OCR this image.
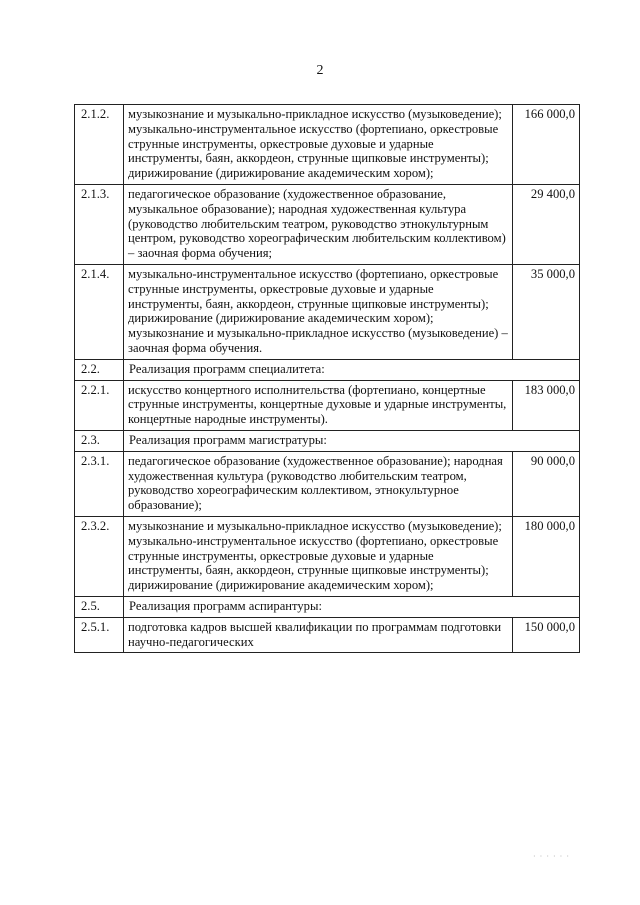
2
2.1.2.	музыкознание и музыкально-прикладное искусство (музыковедение); музыкально-инструментальное искусство (фортепиано, оркестровые струнные инструменты, оркестровые духовые и ударные инструменты, баян, аккордеон, струнные щипковые инструменты); дирижирование (дирижирование академическим хором);	166 000,0
2.1.3.	педагогическое образование (художественное образование, музыкальное образование); народная художественная культура (руководство любительским театром, руководство этнокультурным центром, руководство хореографическим любительским коллективом) – заочная форма обучения;	29 400,0
2.1.4.	музыкально-инструментальное искусство (фортепиано, оркестровые струнные инструменты, оркестровые духовые и ударные инструменты, баян, аккордеон, струнные щипковые инструменты); дирижирование (дирижирование академическим хором); музыкознание и музыкально-прикладное искусство (музыковедение) – заочная форма обучения.	35 000,0
2.2.	Реализация программ специалитета:	
2.2.1.	искусство концертного исполнительства (фортепиано, концертные струнные инструменты, концертные духовые и ударные инструменты, концертные народные инструменты).	183 000,0
2.3.	Реализация программ магистратуры:	
2.3.1.	педагогическое образование (художественное образование); народная художественная культура (руководство любительским театром, руководство хореографическим коллективом, этнокультурное образование);	90 000,0
2.3.2.	музыкознание и музыкально-прикладное искусство (музыковедение); музыкально-инструментальное искусство (фортепиано, оркестровые струнные инструменты, оркестровые духовые и ударные инструменты, баян, аккордеон, струнные щипковые инструменты); дирижирование (дирижирование академическим хором);	180 000,0
2.5.	Реализация программ аспирантуры:	
2.5.1.	подготовка кадров высшей квалификации по программам подготовки научно-педагогических	150 000,0
· · · · · ·
